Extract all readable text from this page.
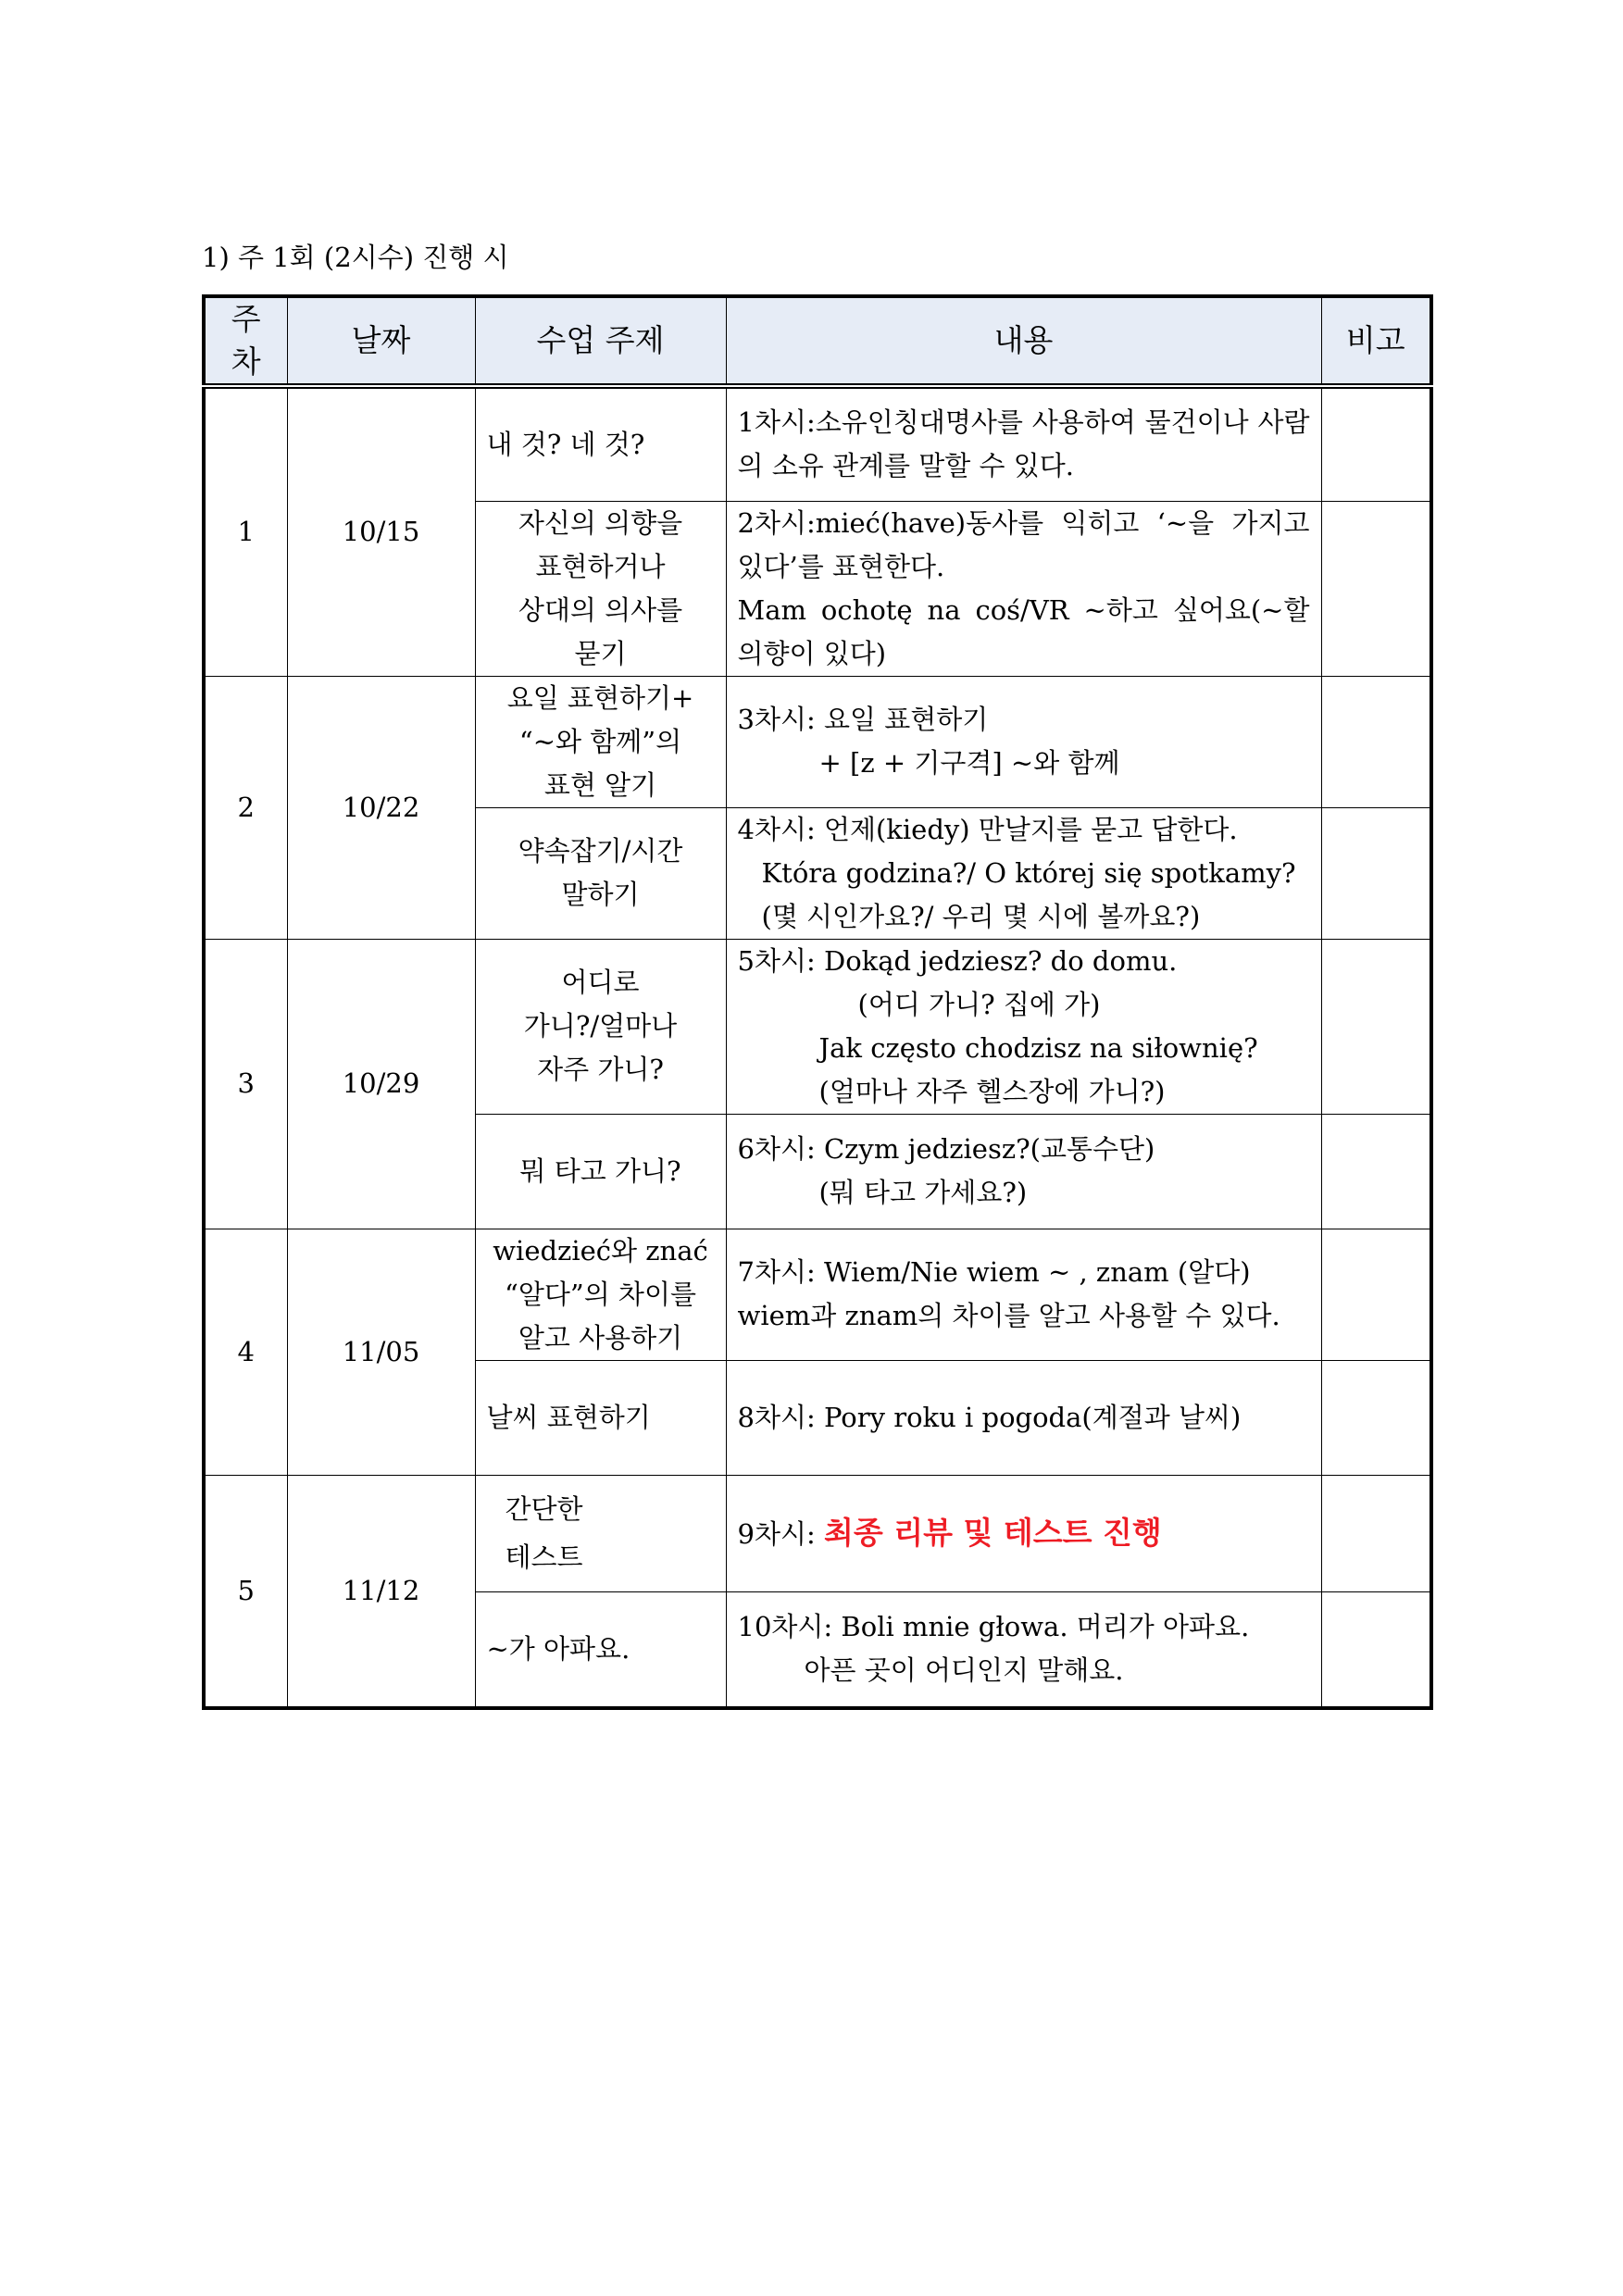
1) 주 1회 (2시수) 진행 시
주
차	날짜	수업 주제	내용	비고
1	10/15	내 것? 네 것?	1차시:소유인칭대명사를 사용하여 물건이나 사람의 소유 관계를 말할 수 있다.	

		자신의 의향을
표현하거나
상대의 의사를
묻기	2차시:mieć(have)동사를 익히고 ‘~을 가지고 있다’를 표현한다.
Mam ochotę na coś/VR ~하고 싶어요(~할 의향이 있다)	

2	10/22	요일 표현하기+
“~와 함께”의
표현 알기	3차시: 요일 표현하기
+ [z + 기구격] ~와 함께	

		약속잡기/시간
말하기	4차시: 언제(kiedy) 만날지를 묻고 답한다.
Która godzina?/ O której się spotkamy?
(몇 시인가요?/ 우리 몇 시에 볼까요?)	

3	10/29	어디로
가니?/얼마나
자주 가니?	5차시: Dokąd jedziesz? do domu.
(어디 가니? 집에 가)
Jak często chodzisz na siłownię?
(얼마나 자주 헬스장에 가니?)	

		뭐 타고 가니?	6차시: Czym jedziesz?(교통수단)
(뭐 타고 가세요?)	

4	11/05	wiedzieć와 znać
“알다”의 차이를
알고 사용하기	7차시: Wiem/Nie wiem ~ , znam (알다)
wiem과 znam의 차이를 알고 사용할 수 있다.	

		날씨 표현하기	8차시: Pory roku i pogoda(계절과 날씨)	

5	11/12	간단한
테스트	9차시: 최종 리뷰 및 테스트 진행	

		~가 아파요.	10차시: Boli mnie głowa. 머리가 아파요.
아픈 곳이 어디인지 말해요.	
